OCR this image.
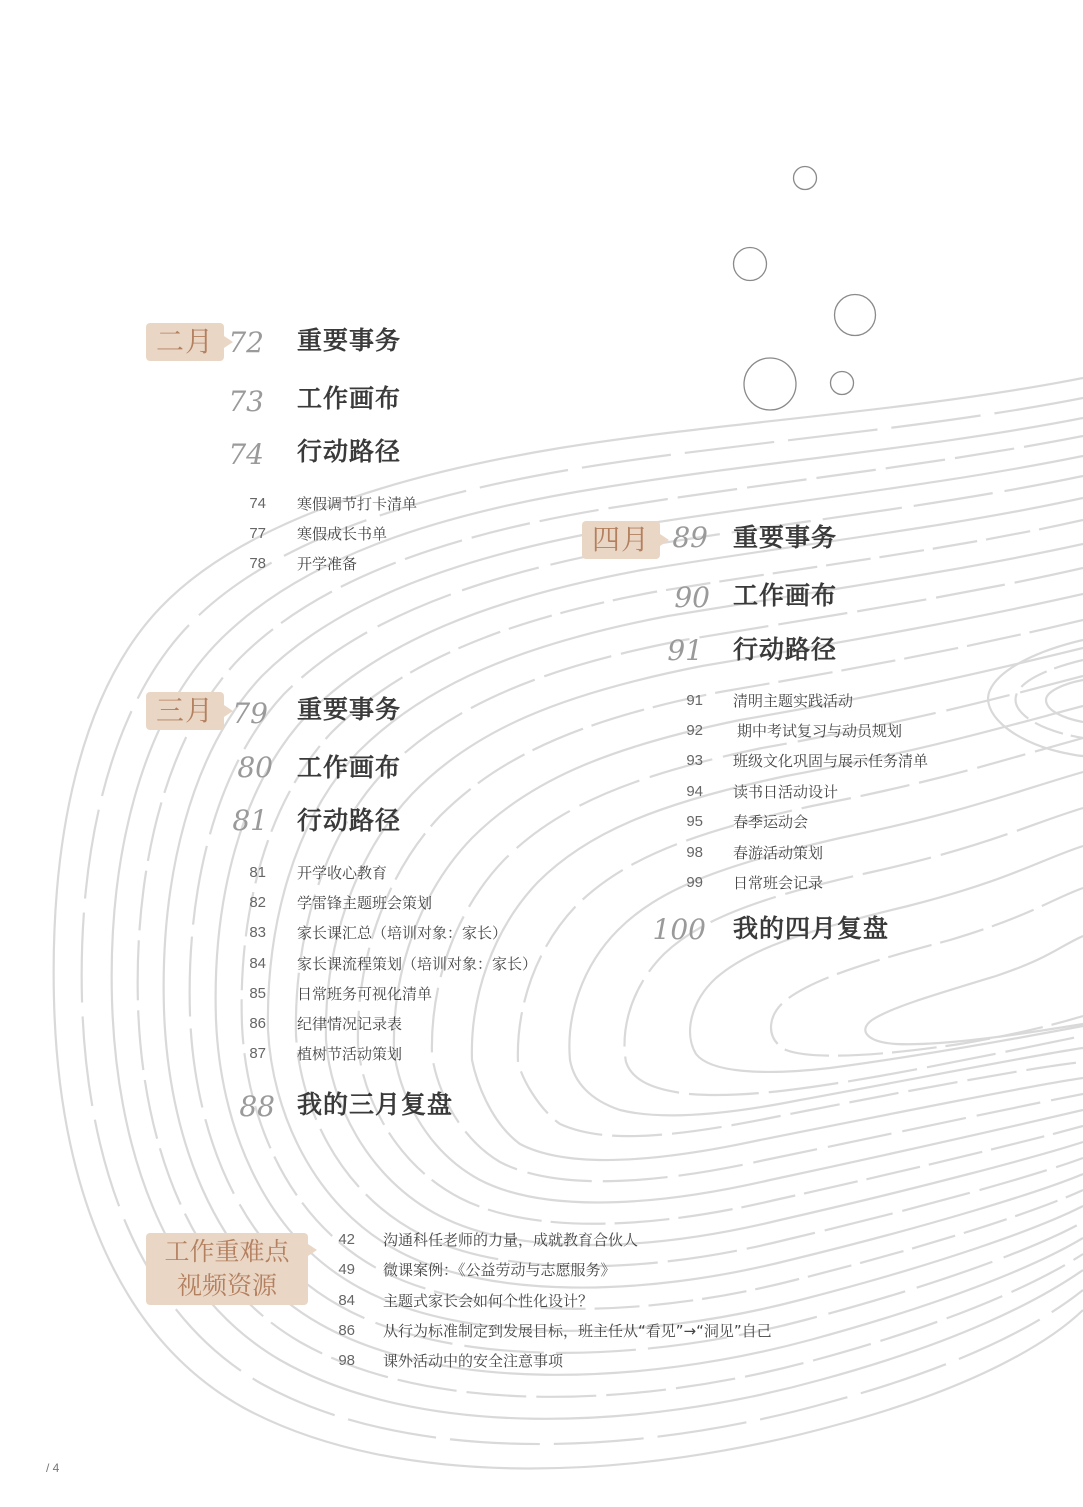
二月 72 重要事务
73 工作画布
74 行动路径
74 寒假调节打卡清单
77 寒假成长书单
78 开学准备
三月 79 重要事务
80 工作画布
81 行动路径
81 开学收心教育
82 学雷锋主题班会策划
83 家长课汇总（培训对象：家长）
84 家长课流程策划（培训对象：家长）
85 日常班务可视化清单
86 纪律情况记录表
87 植树节活动策划
88 我的三月复盘
四月 89 重要事务
90 工作画布
91 行动路径
91 清明主题实践活动
92 期中考试复习与动员规划
93 班级文化巩固与展示任务清单
94 读书日活动设计
95 春季运动会
98 春游活动策划
99 日常班会记录
100 我的四月复盘
工作重难点
视频资源
42 沟通科任老师的力量，成就教育合伙人
49 微课案例：《公益劳动与志愿服务》
84 主题式家长会如何个性化设计？
86 从行为标准制定到发展目标，班主任从“看见”→“洞见”自己
98 课外活动中的安全注意事项
/ 4
